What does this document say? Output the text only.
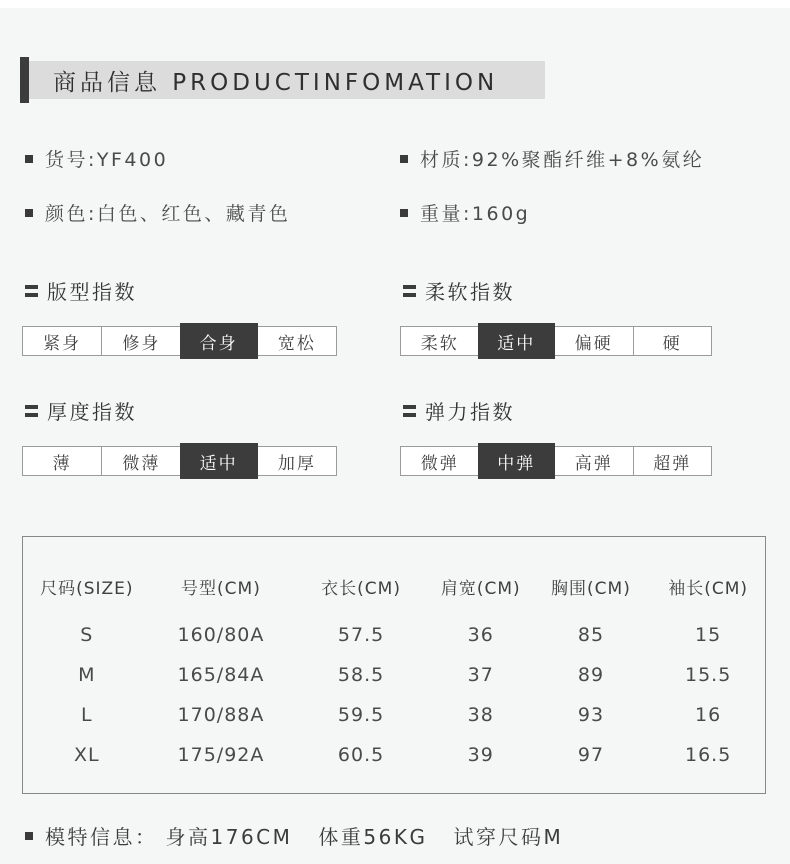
商品信息 PRODUCTINFOMATION
货号:YF400	材质:92%聚酯纤维+8%氨纶
颜色:白色、红色、藏青色	重量:160g
版型指数
紧身	修身	合身	宽松
柔软指数
柔软	适中	偏硬	硬
厚度指数
薄	微薄	适中	加厚
弹力指数
微弹	中弹	高弹	超弹
尺码(SIZE)	号型(CM)	衣长(CM)	肩宽(CM)	胸围(CM)	袖长(CM)
S	160/80A	57.5	36	85	15
M	165/84A	58.5	37	89	15.5
L	170/88A	59.5	38	93	16
XL	175/92A	60.5	39	97	16.5
模特信息： 身高176CM 体重56KG 试穿尺码M
